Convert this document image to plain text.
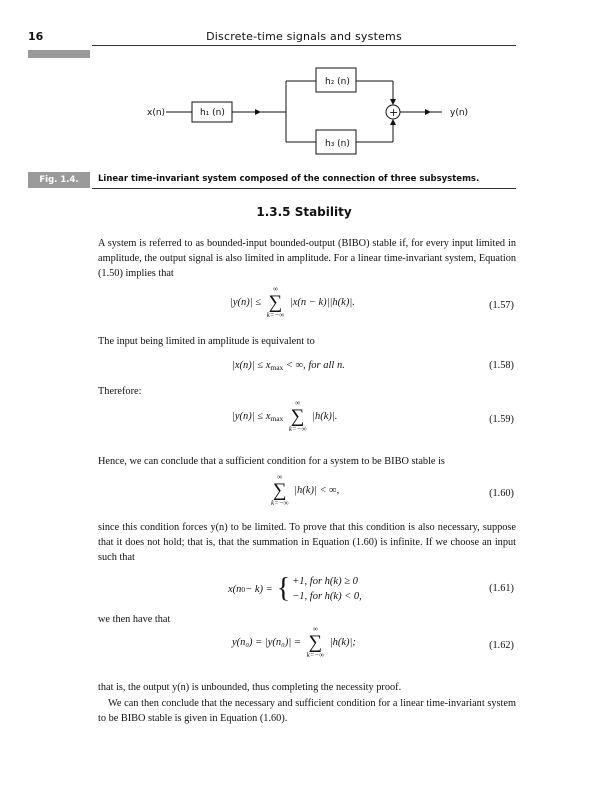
16	Discrete-time signals and systems
x(n)	h₁ (n)
h₂ (n)
h₃ (n)
+	y(n)
Fig. 1.4.	Linear time-invariant system composed of the connection of three subsystems.
1.3.5 Stability
A system is referred to as bounded-input bounded-output (BIBO) stable if, for every input limited in amplitude, the output signal is also limited in amplitude. For a linear time-invariant system, Equation (1.50) implies that
|y(n)| ≤
∞
∑
k=−∞
|x(n − k)||h(k)|.	(1.57)
The input being limited in amplitude is equivalent to
$|x(n)| \le x_{max}$ < ∞, for all n.	(1.58)
Therefore:
$|y(n)| \le x_{max}$
∞
∑
k=−∞
|h(k)|.	(1.59)
Hence, we can conclude that a sufficient condition for a system to be BIBO stable is
∞
∑
k=−∞
|h(k)| < ∞,	(1.60)
since this condition forces y(n) to be limited. To prove that this condition is also necessary, suppose that it does not hold; that is, that the summation in Equation (1.60) is infinite. If we choose an input such that
x(n 0 − k) = { +1, for h(k) ≥ 0
−1, for h(k) < 0,
(1.61)
we then have that
y(n₀) = |y(n₀)| =
∞
∑
k=−∞
|h(k)|;	(1.62)
that is, the output y(n) is unbounded, thus completing the necessity proof.
We can then conclude that the necessary and sufficient condition for a linear time-invariant system to be BIBO stable is given in Equation (1.60).
